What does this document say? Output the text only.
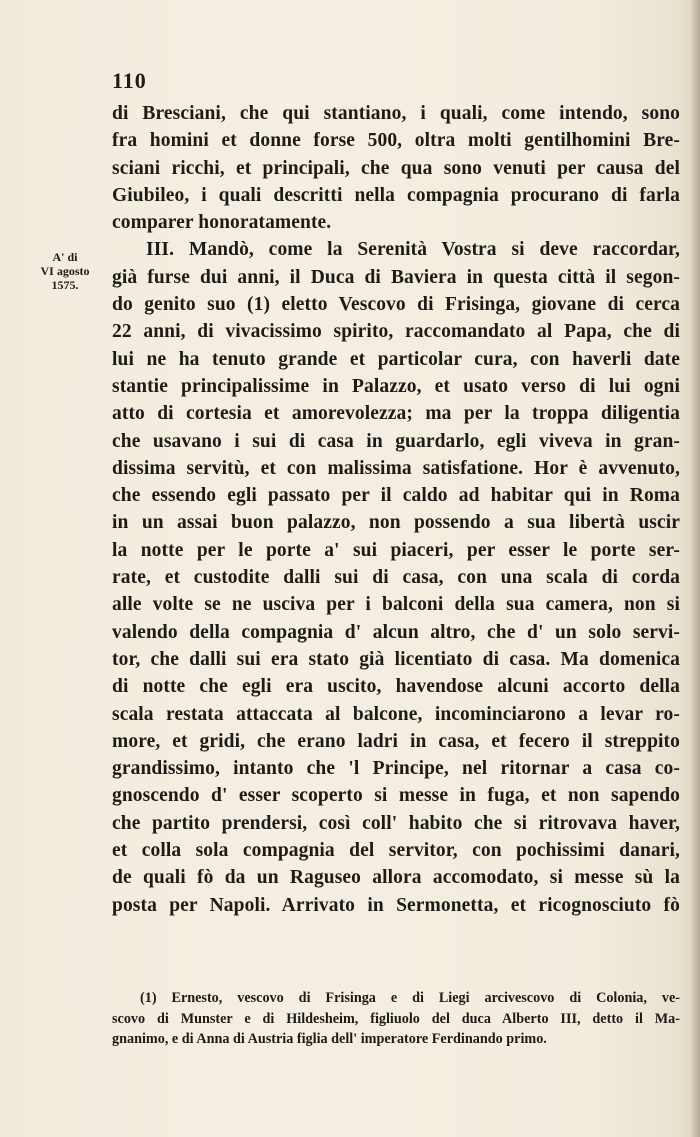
110
A' di
VI agosto
1575.
di Bresciani, che qui stantiano, i quali, come intendo, sono
fra homini et donne forse 500, oltra molti gentilhomini Bre-
sciani ricchi, et principali, che qua sono venuti per causa del
Giubileo, i quali descritti nella compagnia procurano di farla
comparer honoratamente.
III. Mandò, come la Serenità Vostra si deve raccordar,
già furse dui anni, il Duca di Baviera in questa città il segon-
do genito suo (1) eletto Vescovo di Frisinga, giovane di cerca
22 anni, di vivacissimo spirito, raccomandato al Papa, che di
lui ne ha tenuto grande et particolar cura, con haverli date
stantie principalissime in Palazzo, et usato verso di lui ogni
atto di cortesia et amorevolezza; ma per la troppa diligentia
che usavano i sui di casa in guardarlo, egli viveva in gran-
dissima servitù, et con malissima satisfatione. Hor è avvenuto,
che essendo egli passato per il caldo ad habitar qui in Roma
in un assai buon palazzo, non possendo a sua libertà uscir
la notte per le porte a' sui piaceri, per esser le porte ser-
rate, et custodite dalli sui di casa, con una scala di corda
alle volte se ne usciva per i balconi della sua camera, non si
valendo della compagnia d' alcun altro, che d' un solo servi-
tor, che dalli sui era stato già licentiato di casa. Ma domenica
di notte che egli era uscito, havendose alcuni accorto della
scala restata attaccata al balcone, incominciarono a levar ro-
more, et gridi, che erano ladri in casa, et fecero il streppito
grandissimo, intanto che 'l Principe, nel ritornar a casa co-
gnoscendo d' esser scoperto si messe in fuga, et non sapendo
che partito prendersi, così coll' habito che si ritrovava haver,
et colla sola compagnia del servitor, con pochissimi danari,
de quali fò da un Raguseo allora accomodato, si messe sù la
posta per Napoli. Arrivato in Sermonetta, et ricognosciuto fò
(1) Ernesto, vescovo di Frisinga e di Liegi arcivescovo di Colonia, ve-
scovo di Munster e di Hildesheim, figliuolo del duca Alberto III, detto il Ma-
gnanimo, e di Anna di Austria figlia dell' imperatore Ferdinando primo.
